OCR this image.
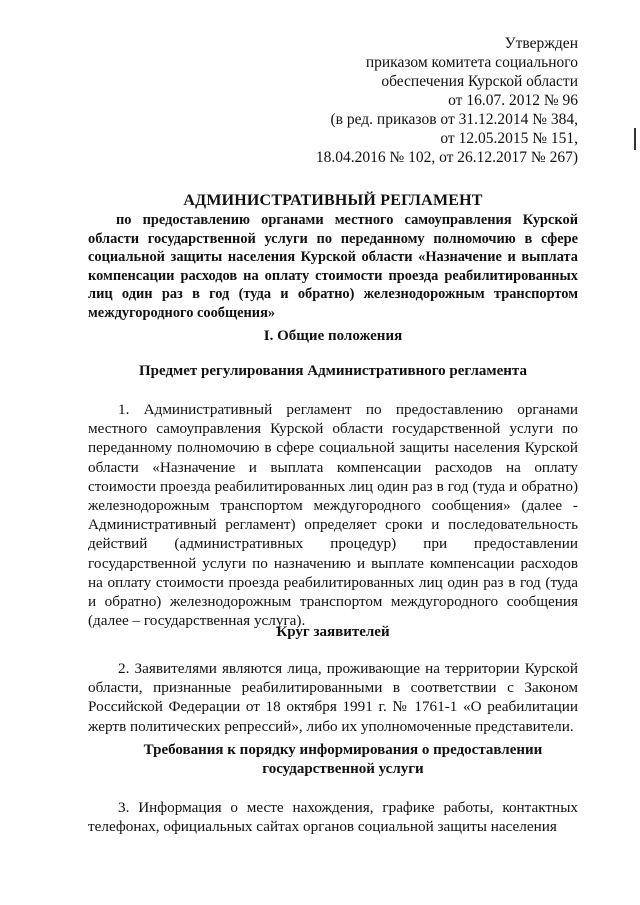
Утвержден
приказом комитета социального
обеспечения Курской области
от 16.07. 2012 № 96
(в ред. приказов от 31.12.2014 № 384,
от 12.05.2015 № 151,
18.04.2016 № 102, от 26.12.2017 № 267)
АДМИНИСТРАТИВНЫЙ РЕГЛАМЕНТ
по предоставлению органами местного самоуправления Курской области государственной услуги по переданному полномочию в сфере социальной защиты населения Курской области «Назначение и выплата компенсации расходов на оплату стоимости проезда реабилитированных лиц один раз в год (туда и обратно) железнодорожным транспортом междугородного сообщения»
I. Общие положения
Предмет регулирования Административного регламента
1. Административный регламент по предоставлению органами местного самоуправления Курской области государственной услуги по переданному полномочию в сфере социальной защиты населения Курской области «Назначение и выплата компенсации расходов на оплату стоимости проезда реабилитированных лиц один раз в год (туда и обратно) железнодорожным транспортом междугородного сообщения» (далее - Административный регламент) определяет сроки и последовательность действий (административных процедур) при предоставлении государственной услуги по назначению и выплате компенсации расходов на оплату стоимости проезда реабилитированных лиц один раз в год (туда и обратно) железнодорожным транспортом междугородного сообщения (далее – государственная услуга).
Круг заявителей
2. Заявителями являются лица, проживающие на территории Курской области, признанные реабилитированными в соответствии с Законом Российской Федерации от 18 октября 1991 г. № 1761-1 «О реабилитации жертв политических репрессий», либо их уполномоченные представители.
Требования к порядку информирования о предоставлении государственной услуги
3. Информация о месте нахождения, графике работы, контактных телефонах, официальных сайтах органов социальной защиты населения
